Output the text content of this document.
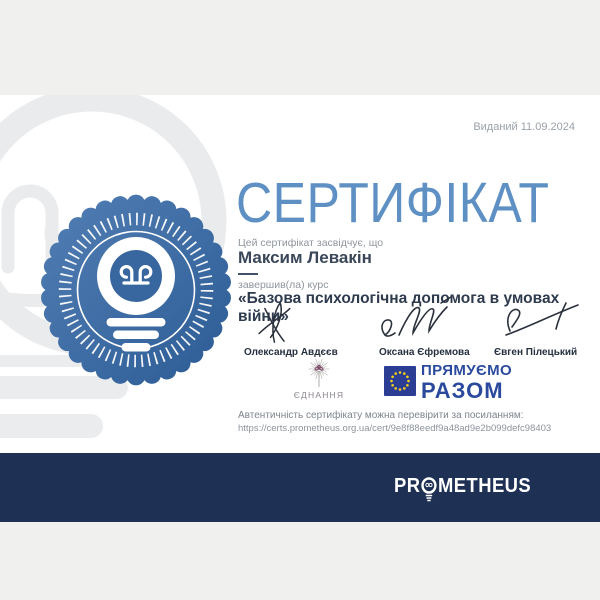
Виданий 11.09.2024
СЕРТИФІКАТ
Цей сертифікат засвідчує, що
Максим Левакін
завершив(ла) курс
«Базова психологічна допомога в умовах війни»
Олександр Авдєєв	Оксана Єфремова Євген Пілецький
ЄДНАННЯ
ПРЯМУЄМО
РАЗОМ
Автентичність сертифікату можна перевірити за посиланням:
https://certs.prometheus.org.ua/cert/9e8f88eedf9a48ad9e2b099defc98403
PR METHEUS
